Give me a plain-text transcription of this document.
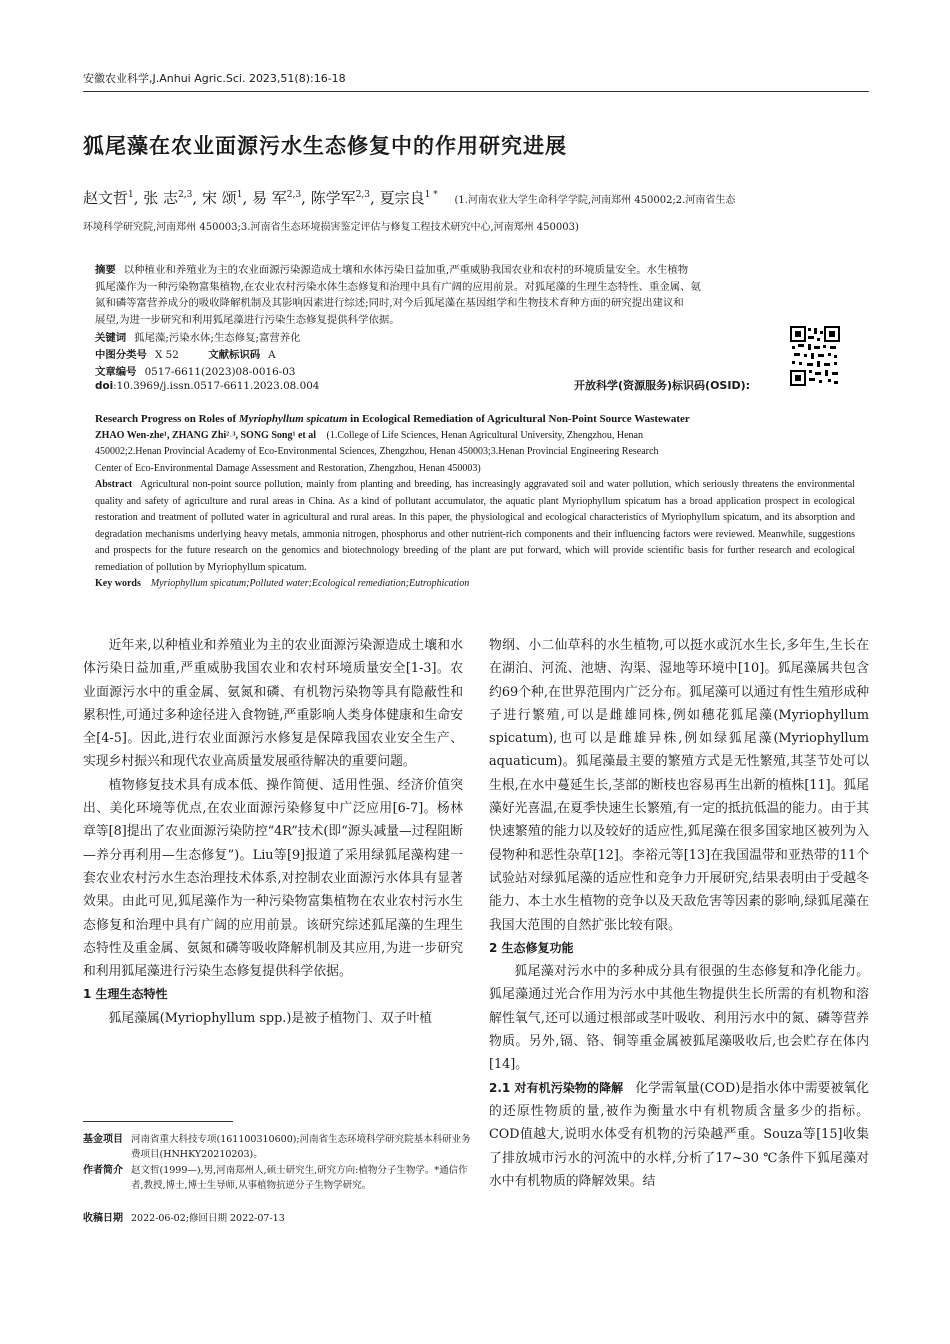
安徽农业科学,J.Anhui Agric.Sci. 2023,51(8):16-18
狐尾藻在农业面源污水生态修复中的作用研究进展
赵文哲$^1$, 张 志$^{2,3}$, 宋 颂$^1$, 易 军$^{2,3}$, 陈学军$^{2,3}$, 夏宗良$^{1 *}$ (1.河南农业大学生命科学学院,河南郑州 450002;2.河南省生态
环境科学研究院,河南郑州 450003;3.河南省生态环境损害鉴定评估与修复工程技术研究中心,河南郑州 450003)
摘要 以种植业和养殖业为主的农业面源污染源造成土壤和水体污染日益加重,严重威胁我国农业和农村的环境质量安全。水生植物
狐尾藻作为一种污染物富集植物,在农业农村污染水体生态修复和治理中具有广阔的应用前景。对狐尾藻的生理生态特性、重金属、氨
氮和磷等富营养成分的吸收降解机制及其影响因素进行综述;同时,对今后狐尾藻在基因组学和生物技术育种方面的研究提出建议和
展望,为进一步研究和利用狐尾藻进行污染生态修复提供科学依据。
关键词 狐尾藻;污染水体;生态修复;富营养化
中图分类号 X 52	文献标识码 A
文章编号 0517-6611(2023)08-0016-03
doi:10.3969/j.issn.0517-6611.2023.08.004	开放科学(资源服务)标识码(OSID):
Research Progress on Roles of Myriophyllum spicatum in Ecological Remediation of Agricultural Non-Point Source Wastewater
ZHAO Wen-zhe¹, ZHANG Zhi²˒³, SONG Song¹ et al (1.College of Life Sciences, Henan Agricultural University, Zhengzhou, Henan
450002;2.Henan Provincial Academy of Eco-Environmental Sciences, Zhengzhou, Henan 450003;3.Henan Provincial Engineering Research
Center of Eco-Environmental Damage Assessment and Restoration, Zhengzhou, Henan 450003)
Abstract Agricultural non-point source pollution, mainly from planting and breeding, has increasingly aggravated soil and water pollution, which seriously threatens the environmental quality and safety of agriculture and rural areas in China. As a kind of pollutant accumulator, the aquatic plant Myriophyllum spicatum has a broad application prospect in ecological restoration and treatment of polluted water in agricultural and rural areas. In this paper, the physiological and ecological characteristics of Myriophyllum spicatum, and its absorption and degradation mechanisms underlying heavy metals, ammonia nitrogen, phosphorus and other nutrient-rich components and their influencing factors were reviewed. Meanwhile, suggestions and prospects for the future research on the genomics and biotechnology breeding of the plant are put forward, which will provide scientific basis for further research and ecological remediation of pollution by Myriophyllum spicatum.
Key words Myriophyllum spicatum;Polluted water;Ecological remediation;Eutrophication

近年来,以种植业和养殖业为主的农业面源污染源造成土壤和水体污染日益加重,严重威胁我国农业和农村环境质量安全[1-3]。农业面源污水中的重金属、氨氮和磷、有机物污染物等具有隐蔽性和累积性,可通过多种途径进入食物链,严重影响人类身体健康和生命安全[4-5]。因此,进行农业面源污水修复是保障我国农业安全生产、实现乡村振兴和现代农业高质量发展亟待解决的重要问题。

植物修复技术具有成本低、操作简便、适用性强、经济价值突出、美化环境等优点,在农业面源污染修复中广泛应用[6-7]。杨林章等[8]提出了农业面源污染防控“4R”技术(即“源头减量—过程阻断—养分再利用—生态修复”)。Liu等[9]报道了采用绿狐尾藻构建一套农业农村污水生态治理技术体系,对控制农业面源污水体具有显著效果。由此可见,狐尾藻作为一种污染物富集植物在农业农村污水生态修复和治理中具有广阔的应用前景。该研究综述狐尾藻的生理生态特性及重金属、氨氮和磷等吸收降解机制及其应用,为进一步研究和利用狐尾藻进行污染生态修复提供科学依据。

1 生理生态特性

狐尾藻属(Myriophyllum spp.)是被子植物门、双子叶植

物纲、小二仙草科的水生植物,可以挺水或沉水生长,多年生,生长在在湖泊、河流、池塘、沟渠、湿地等环境中[10]。狐尾藻属共包含约69个种,在世界范围内广泛分布。狐尾藻可以通过有性生殖形成种子进行繁殖,可以是雌雄同株,例如穗花狐尾藻(Myriophyllum spicatum),也可以是雌雄异株,例如绿狐尾藻(Myriophyllum aquaticum)。狐尾藻最主要的繁殖方式是无性繁殖,其茎节处可以生根,在水中蔓延生长,茎部的断枝也容易再生出新的植株[11]。狐尾藻好光喜温,在夏季快速生长繁殖,有一定的抵抗低温的能力。由于其快速繁殖的能力以及较好的适应性,狐尾藻在很多国家地区被列为入侵物种和恶性杂草[12]。李裕元等[13]在我国温带和亚热带的11个试验站对绿狐尾藻的适应性和竞争力开展研究,结果表明由于受越冬能力、本土水生植物的竞争以及天敌危害等因素的影响,绿狐尾藻在我国大范围的自然扩张比较有限。

2 生态修复功能

狐尾藻对污水中的多种成分具有很强的生态修复和净化能力。狐尾藻通过光合作用为污水中其他生物提供生长所需的有机物和溶解性氧气,还可以通过根部或茎叶吸收、利用污水中的氮、磷等营养物质。另外,镉、铬、铜等重金属被狐尾藻吸收后,也会贮存在体内[14]。

2.1 对有机污染物的降解 化学需氧量(COD)是指水体中需要被氧化的还原性物质的量,被作为衡量水中有机物质含量多少的指标。COD值越大,说明水体受有机物的污染越严重。Souza等[15]收集了排放城市污水的河流中的水样,分析了17~30 ℃条件下狐尾藻对水中有机物质的降解效果。结

基金项目 河南省重大科技专项(161100310600);河南省生态环境科学研究院基本科研业务费项目(HNHKY20210203)。
作者简介 赵文哲(1999—),男,河南郑州人,硕士研究生,研究方向:植物分子生物学。*通信作者,教授,博士,博士生导师,从事植物抗逆分子生物学研究。
收稿日期 2022-06-02;修回日期 2022-07-13
